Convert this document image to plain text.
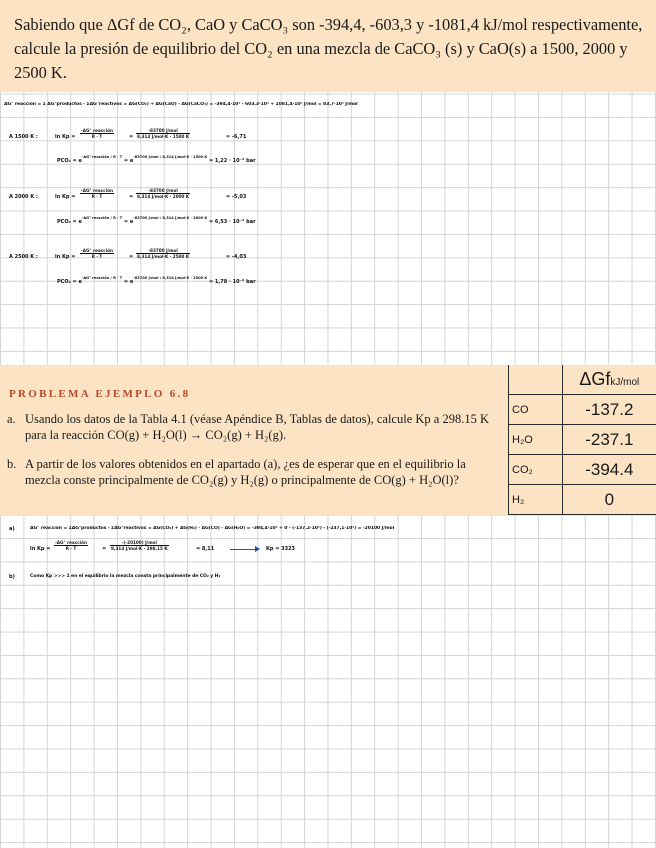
Sabiendo que ΔGf de CO₂, CaO y CaCO₃ son -394,4, -603,3 y -1081,4 kJ/mol respectivamente, calcule la presión de equilibrio del CO₂ en una mezcla de CaCO₃ (s) y CaO(s) a 1500, 2000 y 2500 K.
ΔG° reacción = Σ ΔG°productos - ΣΔG°reactivos = ΔG(CO₂) + ΔG(CaO) - ΔG(CaCO₃) = -394,4·10³ - 603,3·10³ + 1081,4·10³ J/mol = 83,7·10³ J/mol
A 1500 K :	ln Kp =
-ΔG° reacción
R · T	=
-83700 J/mol
8,314 J/mol·K · 1500 K	= -6,71
$PCO_2 = e^{-\Delta G^\circ reacción / R \cdot T} = e^{-83700 J/mol / 8,314 J/mol\cdot K \cdot 1500 K} = 1,22 \cdot 10^{-3}$ bar
A 2000 K :	ln Kp =
-ΔG° reacción
R · T	=
-83700 J/mol
8,314 J/mol·K · 2000 K	= -5,03
$PCO_2 = e^{-\Delta G^\circ reacción / R \cdot T} = e^{-83700 J/mol / 8,314 J/mol\cdot K \cdot 2000 K} = 6,53 \cdot 10^{-3}$ bar
A 2500 K :	ln Kp =
-ΔG° reacción
R · T	=
-83700 J/mol
8,314 J/mol·K · 2500 K	= -4,03
$PCO_2 = e^{-\Delta G^\circ reacción / R \cdot T} = e^{-83700 J/mol / 8,314 J/mol\cdot K \cdot 2500 K} = 1,78 \cdot 10^{-2}$ bar
PROBLEMA EJEMPLO 6.8
a. Usando los datos de la Tabla 4.1 (véase Apéndice B, Tablas de datos), calcule Kp a 298.15 K para la reacción CO(g) + H₂O(l) → CO₂(g) + H₂(g).
b. A partir de los valores obtenidos en el apartado (a), ¿es de esperar que en el equilibrio la mezcla conste principalmente de CO₂(g) y H₂(g) o principalmente de CO(g) + H₂O(l)?
	ΔGfkJ/mol
CO	-137.2
H₂O	-237.1
CO₂	-394.4
H₂	0
a)	ΔG° reacción = ΣΔG°productos - ΣΔG°reactivos = ΔG(CO₂) + ΔG(H₂) - ΔG(CO) - ΔG(H₂O) = -394,4·10³ + 0 - (-137,2·10³) - (-237,1·10³) = -20100 J/mol
ln Kp =
-ΔG° reacción
R · T	=
-(-20100) J/mol
8,314 J/mol·K · 298,15 K	= 8,11	Kp = 3323
b)	Como Kp >>> 1 en el equilibrio la mezcla consta principalmente de CO₂ y H₂
